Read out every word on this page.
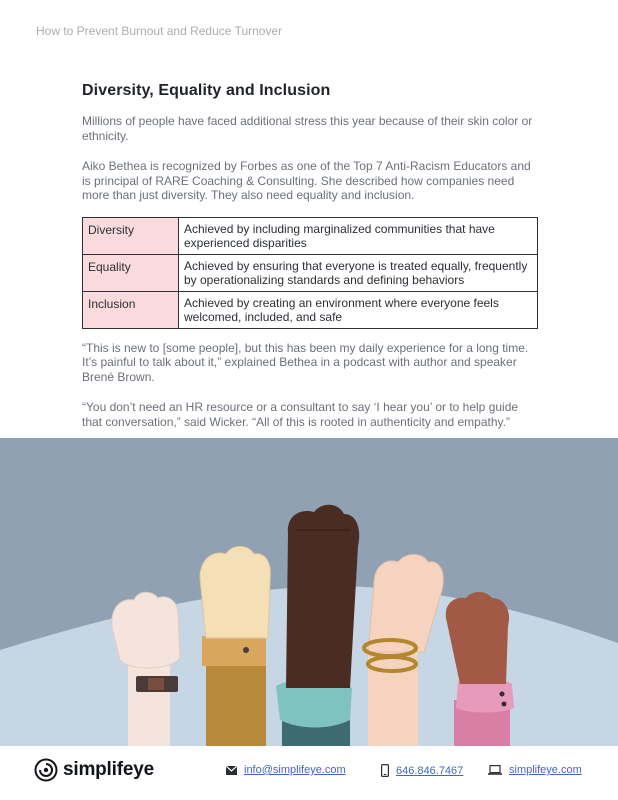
How to Prevent Burnout and Reduce Turnover
Diversity, Equality and Inclusion

Millions of people have faced additional stress this year because of their skin color or ethnicity.

Aiko Bethea is recognized by Forbes as one of the Top 7 Anti-Racism Educators and is principal of RARE Coaching & Consulting. She described how companies need more than just diversity. They also need equality and inclusion.

Diversity	Achieved by including marginalized communities that have experienced disparities
Equality	Achieved by ensuring that everyone is treated equally, frequently by operationalizing standards and defining behaviors
Inclusion	Achieved by creating an environment where everyone feels welcomed, included, and safe

“This is new to [some people], but this has been my daily experience for a long time. It’s painful to talk about it,” explained Bethea in a podcast with author and speaker Brené Brown.

“You don’t need an HR resource or a consultant to say ‘I hear you’ or to help guide that conversation,” said Wicker. “All of this is rooted in authenticity and empathy.”

simplifeye	info@simplifeye.com	646.846.7467	simplifeye.com
